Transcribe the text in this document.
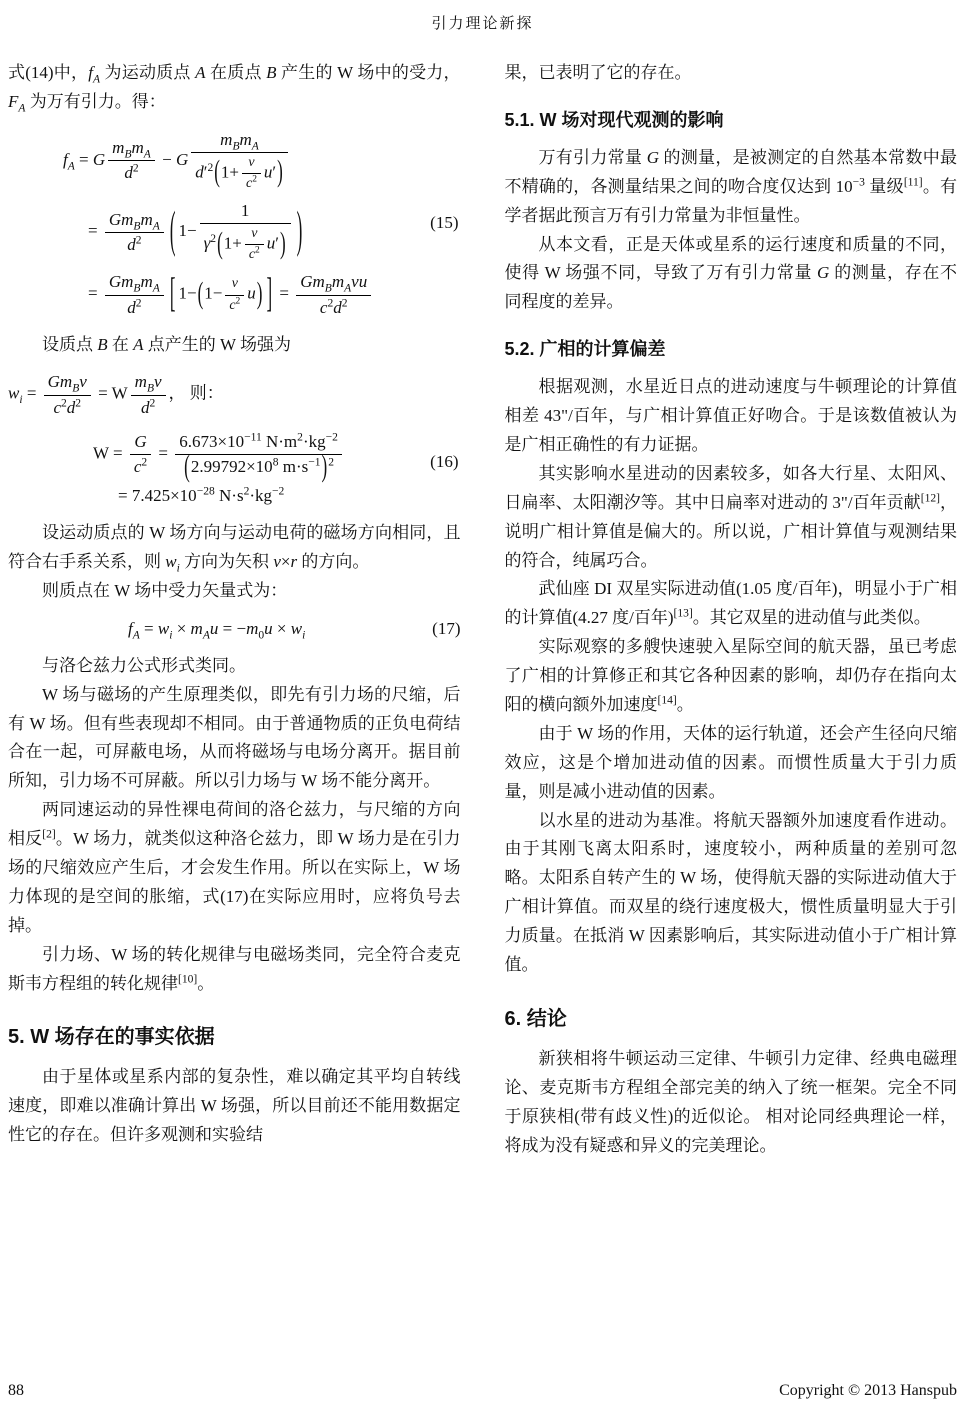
引力理论新探

式(14)中，$f_A$ 为运动质点 A 在质点 B 产生的 W 场中的受力，$F_A$ 为万有引力。得：

$f_A = G \frac{m_Bm_A}{d^2} - G \frac{m_Bm_A}{d'^2(1+ \frac{v}{c^2} u')}$
= $\frac{Gm_Bm_A}{d^2}$ ( $1- \frac{1}{\gamma^2(1+ \frac{v}{c^2} u')}$ )
= $\frac{Gm_Bm_A}{d^2}$ [ $1-(1- \frac{v}{c^2} u)$ ] = $\frac{Gm_Bm_Avu}{c^2d^2}$
(15)

设质点 B 在 A 点产生的 W 场强为

$w_i = \frac{Gm_Bv}{c^2d^2} = W \frac{m_Bv}{d^2}$ ， 则：
$W = \frac{G}{c^2} = \frac{6.673\times 10^{-11} N\cdot m^2\cdot kg^{-2}}{(2.99792\times 10^8 m\cdot s^{-1})^2}$
= $7.425\times 10^{-28}$ $N\cdot s^2\cdot kg^{-2}$
(16)

设运动质点的 W 场方向与运动电荷的磁场方向相同，且符合右手系关系，则 $w_i$ 方向为矢积 v×r 的方向。

则质点在 W 场中受力矢量式为：

$f_A = w_i \times m_Au = -m_0u \times w_i$	(17)

与洛仑兹力公式形式类同。

W 场与磁场的产生原理类似，即先有引力场的尺缩，后有 W 场。但有些表现却不相同。由于普通物质的正负电荷结合在一起，可屏蔽电场，从而将磁场与电场分离开。据目前所知，引力场不可屏蔽。所以引力场与 W 场不能分离开。

两同速运动的异性裸电荷间的洛仑兹力，与尺缩的方向相反[2]。W 场力，就类似这种洛仑兹力，即 W 场力是在引力场的尺缩效应产生后，才会发生作用。所以在实际上，W 场力体现的是空间的胀缩，式(17)在实际应用时，应将负号去掉。

引力场、W 场的转化规律与电磁场类同，完全符合麦克斯韦方程组的转化规律[10]。

5. W 场存在的事实依据

由于星体或星系内部的复杂性，难以确定其平均自转线速度，即难以准确计算出 W 场强，所以目前还不能用数据定性它的存在。但许多观测和实验结

果，已表明了它的存在。

5.1. W 场对现代观测的影响

万有引力常量 G 的测量，是被测定的自然基本常数中最不精确的，各测量结果之间的吻合度仅达到 $10^{-3}$ 量级[11]。有学者据此预言万有引力常量为非恒量性。

从本文看，正是天体或星系的运行速度和质量的不同，使得 W 场强不同，导致了万有引力常量 G 的测量，存在不同程度的差异。

5.2. 广相的计算偏差

根据观测，水星近日点的进动速度与牛顿理论的计算值相差 43"/百年，与广相计算值正好吻合。于是该数值被认为是广相正确性的有力证据。

其实影响水星进动的因素较多，如各大行星、太阳风、日扁率、太阳潮汐等。其中日扁率对进动的 3"/百年贡献[12]，说明广相计算值是偏大的。所以说，广相计算值与观测结果的符合，纯属巧合。

武仙座 DI 双星实际进动值(1.05 度/百年)，明显小于广相的计算值(4.27 度/百年)[13]。其它双星的进动值与此类似。

实际观察的多艘快速驶入星际空间的航天器，虽已考虑了广相的计算修正和其它各种因素的影响，却仍存在指向太阳的横向额外加速度[14]。

由于 W 场的作用，天体的运行轨道，还会产生径向尺缩效应，这是个增加进动值的因素。而惯性质量大于引力质量，则是减小进动值的因素。

以水星的进动为基准。将航天器额外加速度看作进动。由于其刚飞离太阳系时，速度较小，两种质量的差别可忽略。太阳系自转产生的 W 场，使得航天器的实际进动值大于广相计算值。而双星的绕行速度极大，惯性质量明显大于引力质量。在抵消 W 因素影响后，其实际进动值小于广相计算值。

6. 结论

新狭相将牛顿运动三定律、牛顿引力定律、经典电磁理论、麦克斯韦方程组全部完美的纳入了统一框架。完全不同于原狭相(带有歧义性)的近似论。 相对论同经典理论一样，将成为没有疑惑和异义的完美理论。

88	Copyright © 2013 Hanspub
